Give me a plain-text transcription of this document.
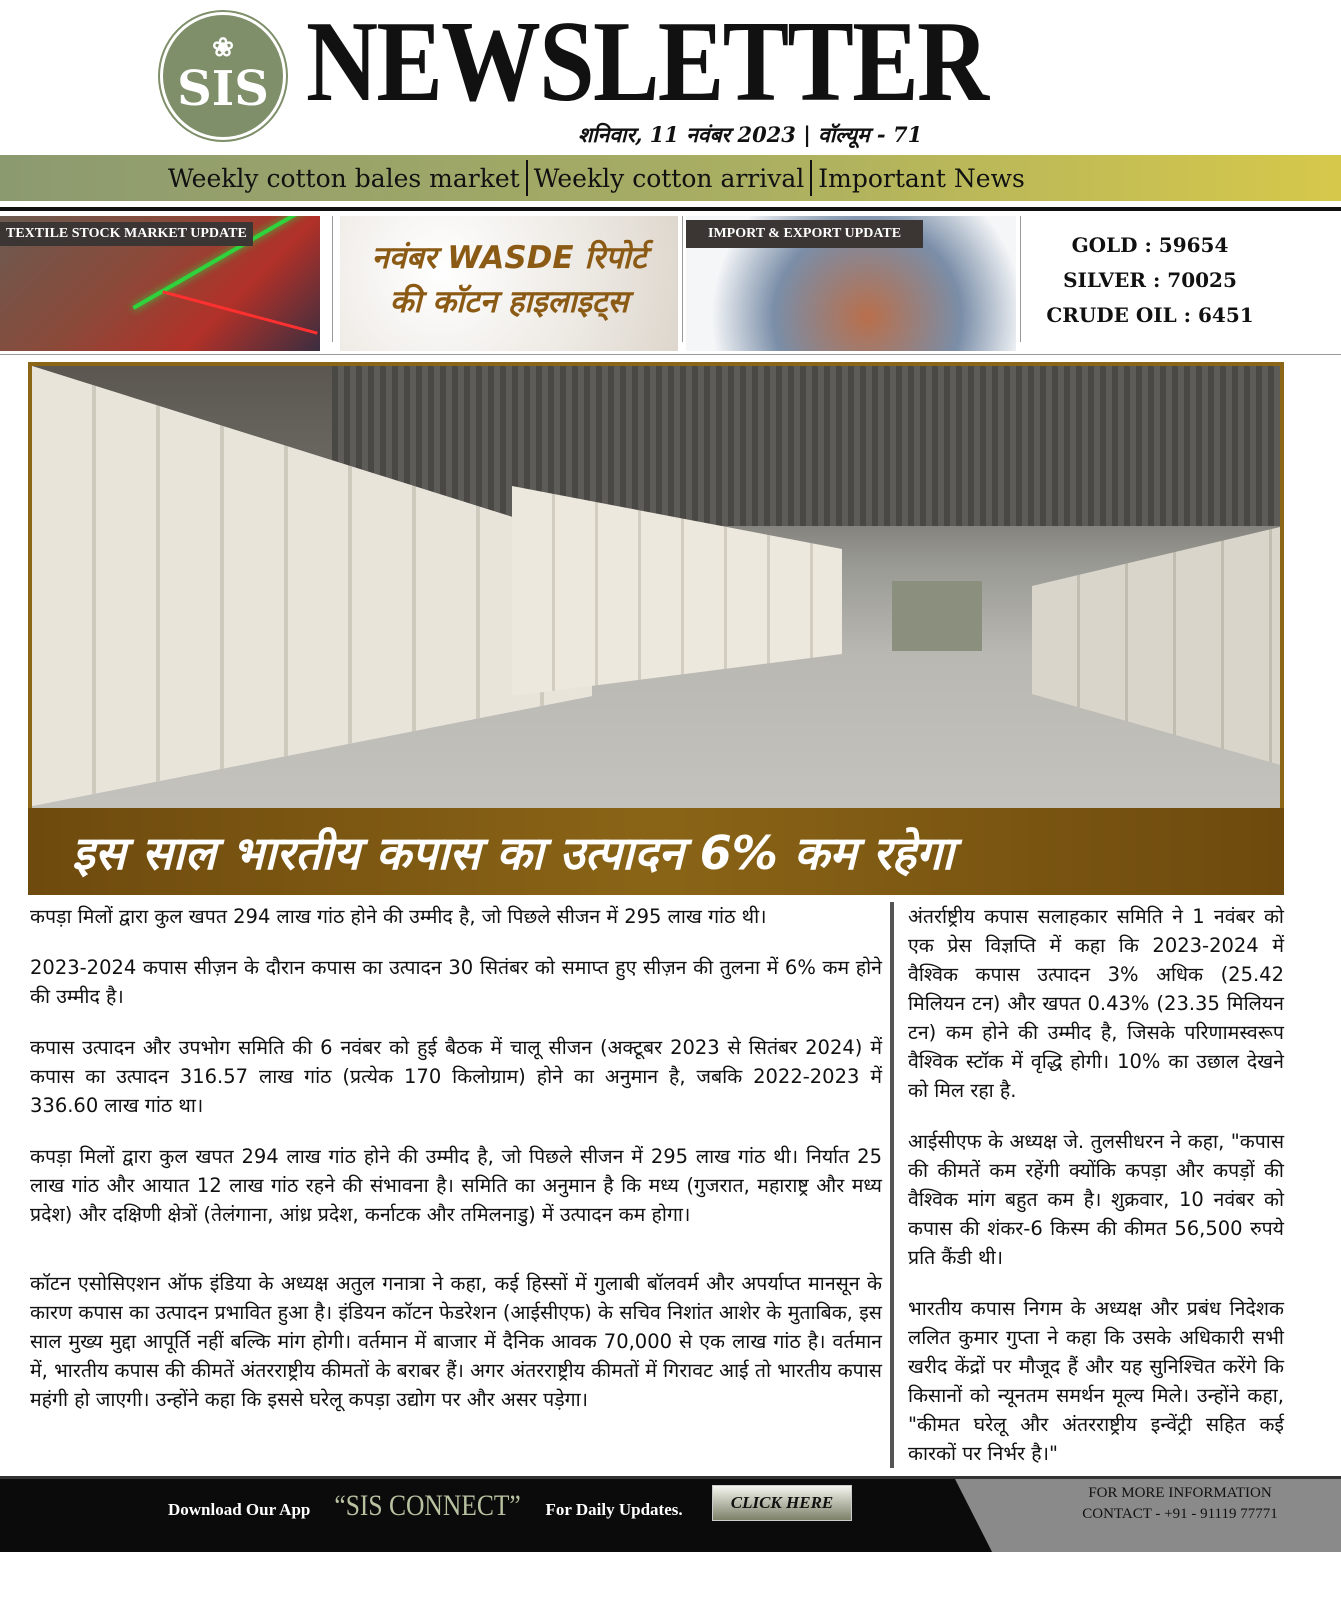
❀
SIS NEWSLETTER
शनिवार, 11 नवंबर 2023 | वॉल्यूम - 71
Weekly cotton bales market Weekly cotton arrival Important News
TEXTILE STOCK MARKET UPDATE
नवंबर WASDE रिपोर्ट
की कॉटन हाइलाइट्स
IMPORT & EXPORT UPDATE	GOLD : 59654
SILVER : 70025
CRUDE OIL : 6451
इस साल भारतीय कपास का उत्पादन 6% कम रहेगा

कपड़ा मिलों द्वारा कुल खपत 294 लाख गांठ होने की उम्मीद है, जो पिछले सीजन में 295 लाख गांठ थी।

2023-2024 कपास सीज़न के दौरान कपास का उत्पादन 30 सितंबर को समाप्त हुए सीज़न की तुलना में 6% कम होने की उम्मीद है।

कपास उत्पादन और उपभोग समिति की 6 नवंबर को हुई बैठक में चालू सीजन (अक्टूबर 2023 से सितंबर 2024) में कपास का उत्पादन 316.57 लाख गांठ (प्रत्येक 170 किलोग्राम) होने का अनुमान है, जबकि 2022-2023 में 336.60 लाख गांठ था।

कपड़ा मिलों द्वारा कुल खपत 294 लाख गांठ होने की उम्मीद है, जो पिछले सीजन में 295 लाख गांठ थी। निर्यात 25 लाख गांठ और आयात 12 लाख गांठ रहने की संभावना है। समिति का अनुमान है कि मध्य (गुजरात, महाराष्ट्र और मध्य प्रदेश) और दक्षिणी क्षेत्रों (तेलंगाना, आंध्र प्रदेश, कर्नाटक और तमिलनाडु) में उत्पादन कम होगा।

कॉटन एसोसिएशन ऑफ इंडिया के अध्यक्ष अतुल गनात्रा ने कहा, कई हिस्सों में गुलाबी बॉलवर्म और अपर्याप्त मानसून के कारण कपास का उत्पादन प्रभावित हुआ है। इंडियन कॉटन फेडरेशन (आईसीएफ) के सचिव निशांत आशेर के मुताबिक, इस साल मुख्य मुद्दा आपूर्ति नहीं बल्कि मांग होगी। वर्तमान में बाजार में दैनिक आवक 70,000 से एक लाख गांठ है। वर्तमान में, भारतीय कपास की कीमतें अंतरराष्ट्रीय कीमतों के बराबर हैं। अगर अंतरराष्ट्रीय कीमतों में गिरावट आई तो भारतीय कपास महंगी हो जाएगी। उन्होंने कहा कि इससे घरेलू कपड़ा उद्योग पर और असर पड़ेगा।

अंतर्राष्ट्रीय कपास सलाहकार समिति ने 1 नवंबर को एक प्रेस विज्ञप्ति में कहा कि 2023-2024 में वैश्विक कपास उत्पादन 3% अधिक (25.42 मिलियन टन) और खपत 0.43% (23.35 मिलियन टन) कम होने की उम्मीद है, जिसके परिणामस्वरूप वैश्विक स्टॉक में वृद्धि होगी। 10% का उछाल देखने को मिल रहा है.

आईसीएफ के अध्यक्ष जे. तुलसीधरन ने कहा, "कपास की कीमतें कम रहेंगी क्योंकि कपड़ा और कपड़ों की वैश्विक मांग बहुत कम है। शुक्रवार, 10 नवंबर को कपास की शंकर-6 किस्म की कीमत 56,500 रुपये प्रति कैंडी थी।

भारतीय कपास निगम के अध्यक्ष और प्रबंध निदेशक ललित कुमार गुप्ता ने कहा कि उसके अधिकारी सभी खरीद केंद्रों पर मौजूद हैं और यह सुनिश्चित करेंगे कि किसानों को न्यूनतम समर्थन मूल्य मिले। उन्होंने कहा, "कीमत घरेलू और अंतरराष्ट्रीय इन्वेंट्री सहित कई कारकों पर निर्भर है।"

Download Our App “SIS CONNECT” For Daily Updates.	CLICK HERE	FOR MORE INFORMATION
CONTACT - +91 - 91119 77771
